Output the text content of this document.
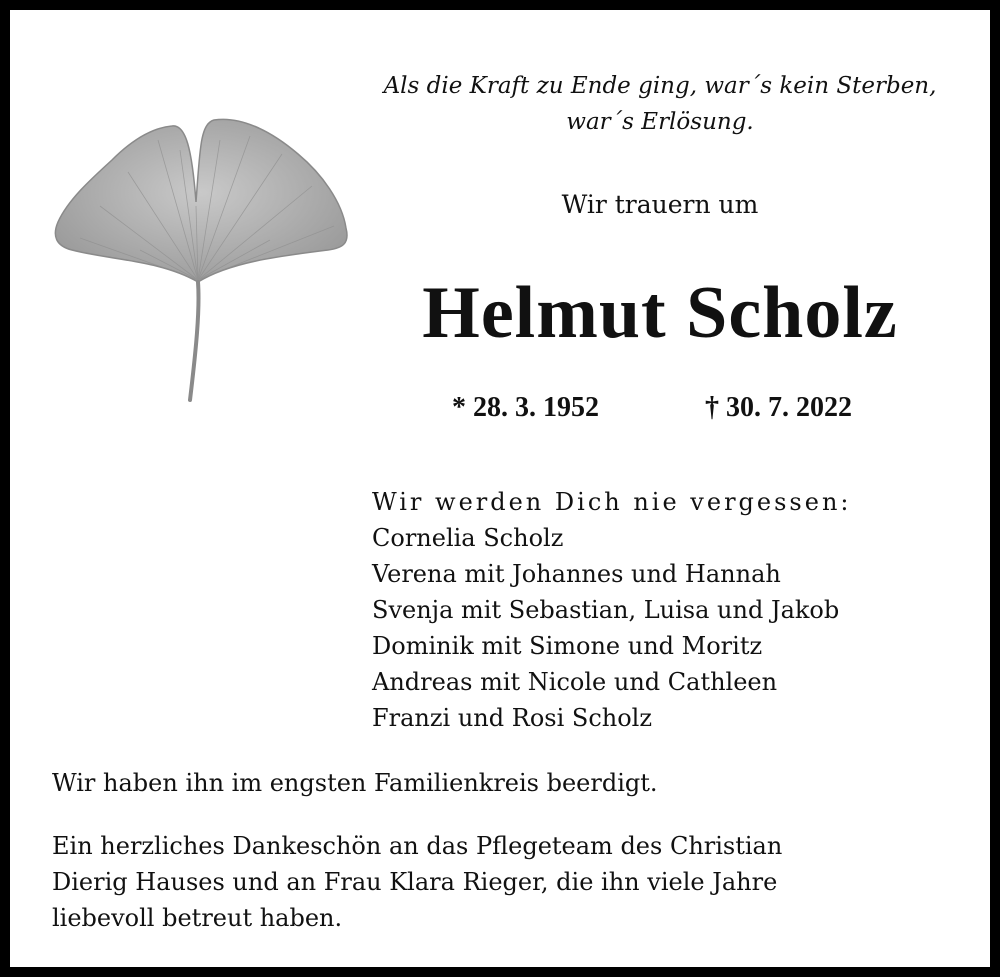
Als die Kraft zu Ende ging, war´s kein Sterben,
war´s Erlösung.
Wir trauern um
Helmut Scholz
* 28. 3. 1952	† 30. 7. 2022
Wir werden Dich nie vergessen:
Cornelia Scholz
Verena mit Johannes und Hannah
Svenja mit Sebastian, Luisa und Jakob
Dominik mit Simone und Moritz
Andreas mit Nicole und Cathleen
Franzi und Rosi Scholz
Wir haben ihn im engsten Familienkreis beerdigt.
Ein herzliches Dankeschön an das Pflegeteam des Christian
Dierig Hauses und an Frau Klara Rieger, die ihn viele Jahre
liebevoll betreut haben.
